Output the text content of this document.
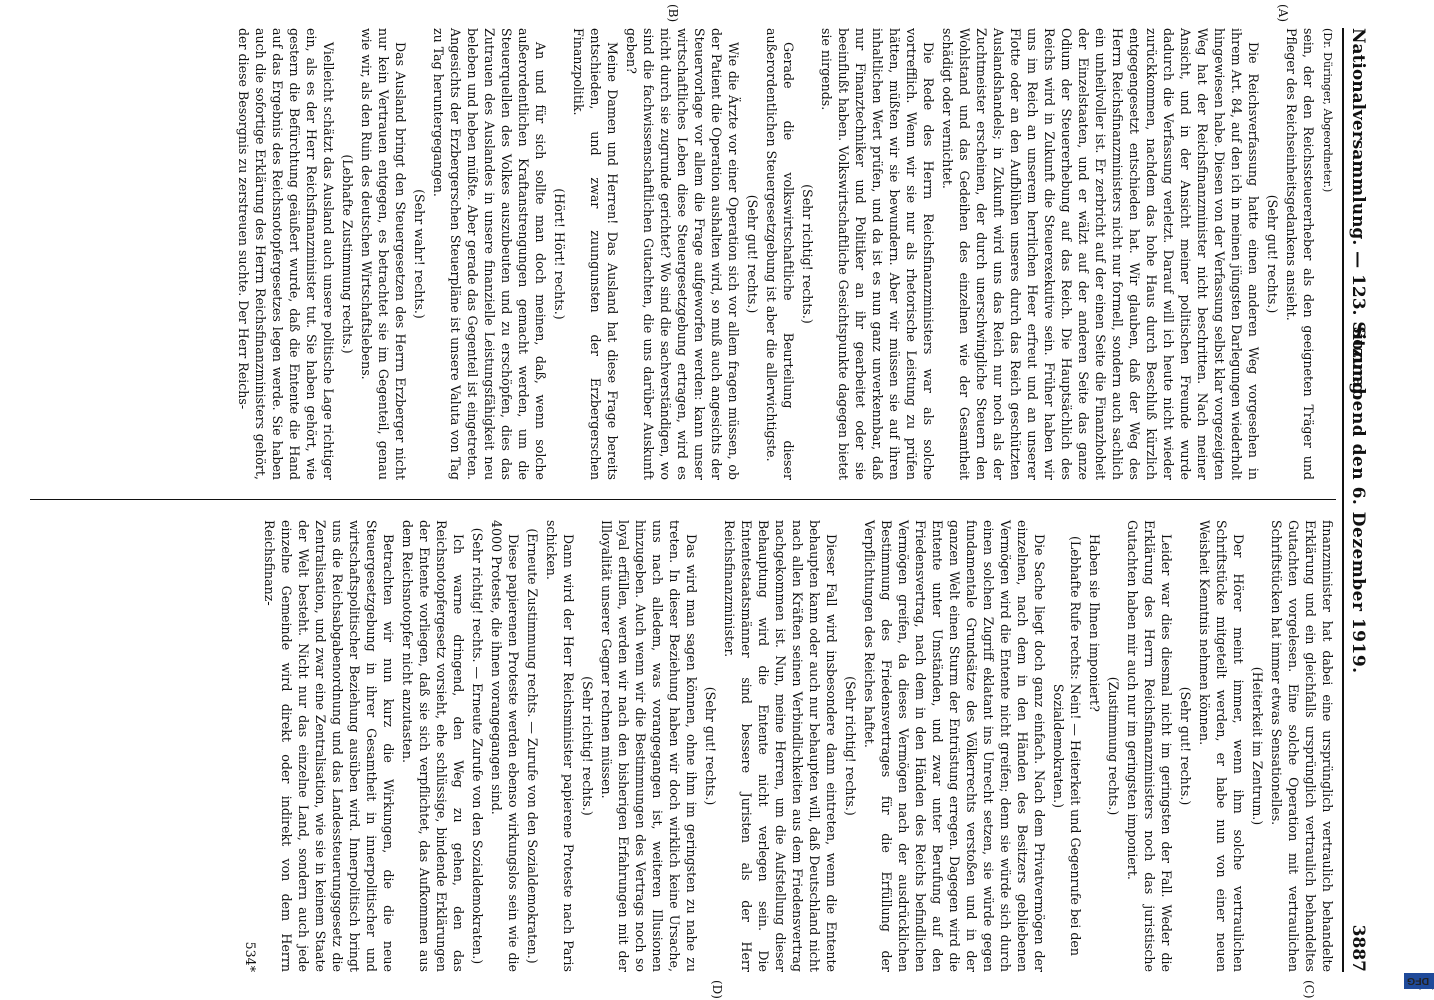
Nationalversammlung. — 123. Sitzung.
Sonnabend den 6. Dezember 1919.
3887
(A)
(B)
(C)
(D)

(Dr. Düringer, Abgeordneter.)

sein, der den Reichssteuererheber als den geeigneten Träger und Pfleger des Reichseinheitsgedankens ansieht.

(Sehr gut! rechts.)

Die Reichsverfassung hatte einen anderen Weg vorgesehen in ihrem Art. 84, auf den ich in meinen jüngsten Darlegungen wiederholt hingewiesen habe. Diesen von der Verfassung selbst klar vorgezeigten Weg hat der Reichsfinanzminister nicht beschritten. Nach meiner Ansicht, und in der Ansicht meiner politischen Freunde wurde dadurch die Verfassung verletzt. Darauf will ich heute nicht wieder zurückkommen, nachdem das hohe Haus durch Beschluß kürzlich entgegengesetzt entschieden hat. Wir glauben, daß der Weg des Herrn Reichsfinanzministers nicht nur formell, sondern auch sachlich ein unheilvoller ist. Er zerbricht auf der einen Seite die Finanzhoheit der Einzelstaaten, und er wälzt auf der anderen Seite das ganze Odium der Steuererhebung auf das Reich. Die Hauptsächlich des Reichs wird in Zukunft die Steuerexekutive sein. Früher haben wir uns im Reich an unserem herrlichen Heer erfreut und an unserer Flotte oder an den Aufblühen unseres durch das Reich geschützten Auslandshandels; in Zukunft wird uns das Reich nur noch als der Zuchtmeister erscheinen, der durch unerschwingliche Steuern den Wohlstand und das Gedeihen des einzelnen wie der Gesamtheit schädigt oder vernichtet.

Die Rede des Herrn Reichsfinanzministers war als solche vortrefflich. Wenn wir sie nur als rhetorische Leistung zu prüfen hätten, müßten wir sie bewundern. Aber wir müssen sie auf ihren inhaltlichen Wert prüfen, und da ist es nun ganz unverkennbar, daß nur Finanztechniker und Politiker an ihr gearbeitet oder sie beeinflußt haben. Volkswirtschaftliche Gesichtspunkte dagegen bietet sie nirgends.

(Sehr richtig! rechts.)

Gerade die volkswirtschaftliche Beurteilung dieser außerordentlichen Steuergesetzgebung ist aber die allerwichtigste.

(Sehr gut! rechts.)

Wie die Ärzte vor einer Operation sich vor allem fragen müssen, ob der Patient die Operation aushalten wird, so muß auch angesichts der Steuervorlage vor allem die Frage aufgeworfen werden: kann unser wirtschaftliches Leben diese Steuergesetzgebung ertragen, wird es nicht durch sie zugrunde gerichtet? Wo sind die sachverständigen, wo sind die fachwissenschaftlichen Gutachten, die uns darüber Auskunft geben?

Meine Damen und Herren! Das Ausland hat diese Frage bereits entschieden, und zwar zuungunsten der Erzbergerschen Finanzpolitik.

(Hört! Hört! rechts.)

An und für sich sollte man doch meinen, daß, wenn solche außerordentlichen Kraftanstrengungen gemacht werden, um die Steuerquellen des Volkes auszubeuten und zu erschöpfen, dies das Zutrauen des Auslandes in unsere finanzielle Leistungsfähigkeit neu beleben und heben müßte. Aber gerade das Gegenteil ist eingetreten. Angesichts der Erzbergerschen Steuerpläne ist unsere Valuta von Tag zu Tag heruntergegangen.

(Sehr wahr! rechts.)

Das Ausland bringt den Steuergesetzen des Herrn Erzberger nicht nur kein Vertrauen entgegen, es betrachtet sie im Gegenteil, genau wie wir, als den Ruin des deutschen Wirtschaftslebens.

(Lebhafte Zustimmung rechts.)

Vielleicht schätzt das Ausland auch unsere politische Lage richtiger ein, als es der Herr Reichsfinanzminister tut. Sie haben gehört, wie gestern die Befürchtung geäußert wurde, daß die Entente die Hand auf das Ergebnis des Reichsnotopfergesetzes legen werde. Sie haben auch die sofortige Erklärung des Herrn Reichsfinanzministers gehört, der diese Besorgnis zu zerstreuen suchte. Der Herr Reichs-

finanzminister hat dabei eine ursprünglich vertraulich behandelte Erklärung und ein gleichfalls ursprünglich vertraulich behandeltes Gutachten vorgelesen. Eine solche Operation mit vertraulichen Schriftstücken hat immer etwas Sensationelles.

(Heiterkeit im Zentrum.)

Der Hörer meint immer, wenn ihm solche vertraulichen Schriftstücke mitgeteilt werden, er habe nun von einer neuen Weisheit Kenntnis nehmen können.

(Sehr gut! rechts.)

Leider war dies diesmal nicht im geringsten der Fall. Weder die Erklärung des Herrn Reichsfinanzministers noch das juristische Gutachten haben mir auch nur im geringsten imponiert.

(Zustimmung rechts.)

Haben sie Ihnen imponiert?

(Lebhafte Rufe rechts: Nein! — Heiterkeit und Gegenrufe bei den Sozialdemokraten.)

Die Sache liegt doch ganz einfach. Nach dem Privatvermögen der einzelnen, nach dem in den Händen des Besitzers gebliebenen Vermögen wird die Entente nicht greifen; denn sie würde sich durch einen solchen Zugriff eklatant ins Unrecht setzen, sie würde gegen fundamentale Grundsätze des Völkerrechts verstoßen und in der ganzen Welt einen Sturm der Entrüstung erregen. Dagegen wird die Entente unter Umständen, und zwar unter Berufung auf den Friedensvertrag, nach dem in den Händen des Reichs befindlichen Vermögen greifen, da dieses Vermögen nach der ausdrücklichen Bestimmung des Friedensvertrages für die Erfüllung der Verpflichtungen des Reiches haftet.

(Sehr richtig! rechts.)

Dieser Fall wird insbesondere dann eintreten, wenn die Entente behaupten kann oder auch nur behaupten will, daß Deutschland nicht nach allen Kräften seinen Verbindlichkeiten aus dem Friedensvertrag nachgekommen ist. Nun, meine Herren, um die Aufstellung dieser Behauptung wird die Entente nicht verlegen sein. Die Ententestaatsmänner sind bessere Juristen als der Herr Reichsfinanzminister.

(Sehr gut! rechts.)

Das wird man sagen können, ohne ihm im geringsten zu nahe zu treten. In dieser Beziehung haben wir doch wirklich keine Ursache, uns nach alledem, was vorangegangen ist, weiteren Illusionen hinzugeben. Auch wenn wir die Bestimmungen des Vertrags noch so loyal erfüllen, werden wir nach den bisherigen Erfahrungen mit der Illoyalität unserer Gegner rechnen müssen.

(Sehr richtig! rechts.)

Dann wird der Herr Reichsminister papierene Proteste nach Paris schicken.

(Erneute Zustimmung rechts. — Zurufe von den Sozialdemokraten.)

Diese papierenen Proteste werden ebenso wirkungslos sein wie die 4000 Proteste, die ihnen vorangegangen sind.

(Sehr richtig! rechts. — Erneute Zurufe von den Sozialdemokraten.)

Ich warne dringend, den Weg zu gehen, den das Reichsnotopfergesetz vorsieht, ehe schlüssige, bindende Erklärungen der Entente vorliegen, daß sie sich verpflichtet, das Aufkommen aus dem Reichsnotopfer nicht anzutasten.

Betrachten wir nun kurz die Wirkungen, die die neue Steuergesetzgebung in ihrer Gesamtheit in innerpolitischer und wirtschaftspolitischer Beziehung ausüben wird. Innerpolitisch bringt uns die Reichsabgabenordnung und das Landessteuerungsgesetz die Zentralisation, und zwar eine Zentralisation, wie sie in keinem Staate der Welt besteht. Nicht nur das einzelne Land, sondern auch jede einzelne Gemeinde wird direkt oder indirekt von dem Herrn Reichsfinanz-

534*

DFG
